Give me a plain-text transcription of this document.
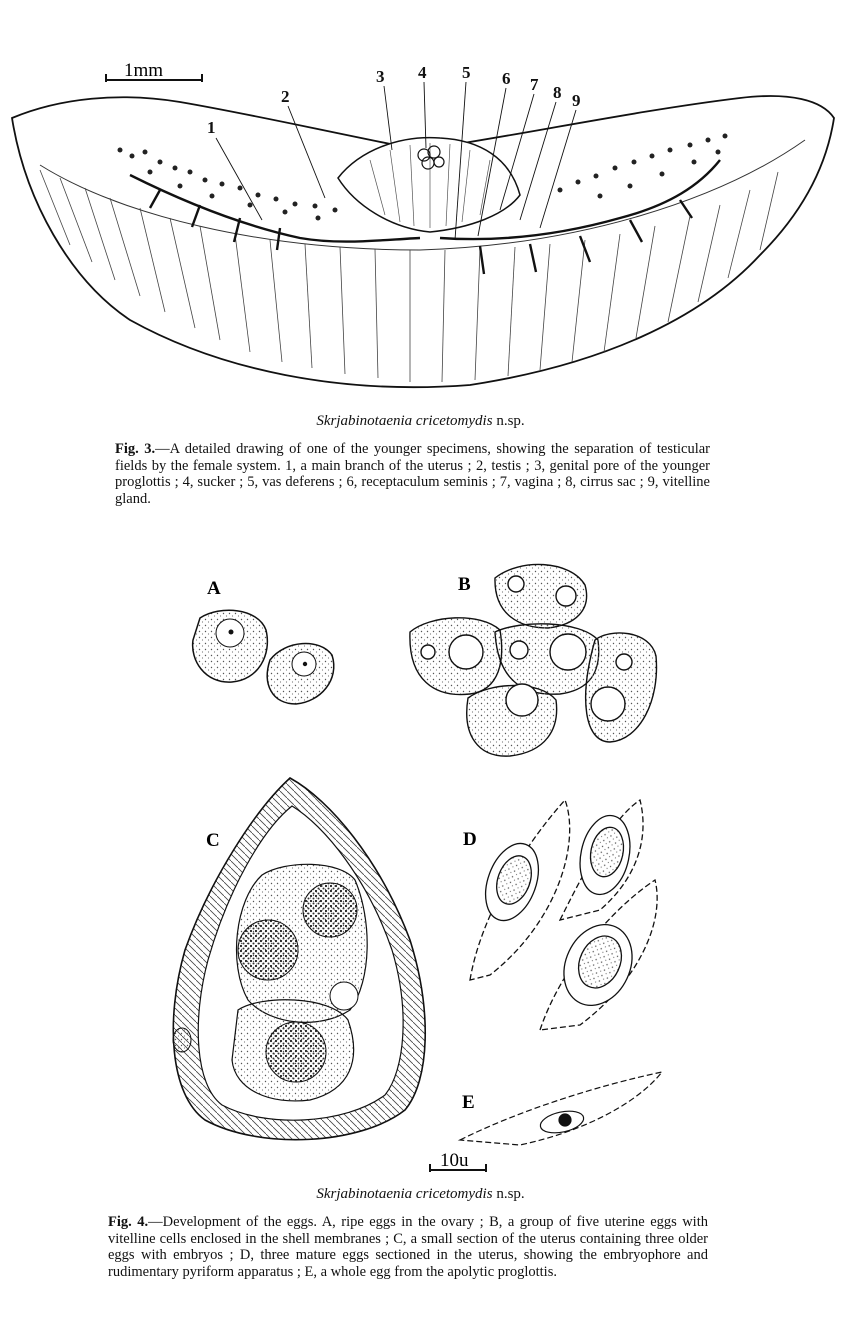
1mm
1
2
3 4 5 6 7 8 9
Skrjabinotaenia cricetomydis n.sp.
Fig. 3.—A detailed drawing of one of the younger specimens, showing the separation of testicular fields by the female system. 1, a main branch of the uterus ; 2, testis ; 3, genital pore of the younger proglottis ; 4, sucker ; 5, vas deferens ; 6, receptaculum seminis ; 7, vagina ; 8, cirrus sac ; 9, vitelline gland.
A	B
C	D
E
10u
Skrjabinotaenia cricetomydis n.sp.
Fig. 4.—Development of the eggs. A, ripe eggs in the ovary ; B, a group of five uterine eggs with vitelline cells enclosed in the shell membranes ; C, a small section of the uterus containing three older eggs with embryos ; D, three mature eggs sectioned in the uterus, showing the embryophore and rudimentary pyriform apparatus ; E, a whole egg from the apolytic proglottis.
